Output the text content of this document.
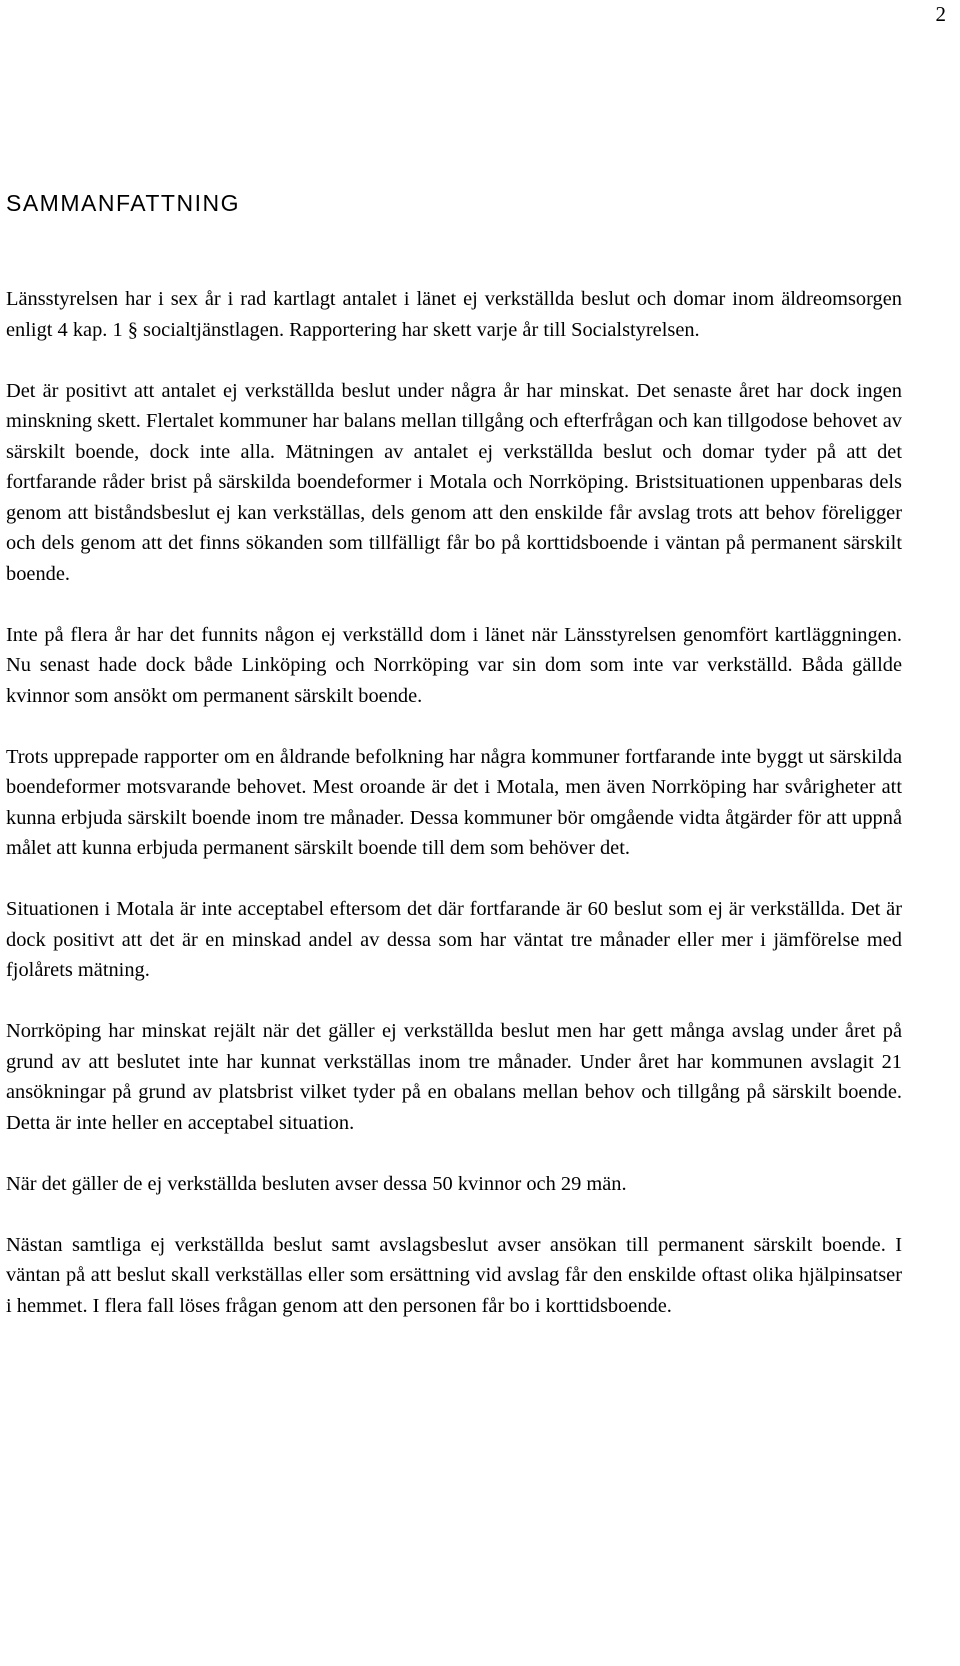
2
SAMMANFATTNING

Länsstyrelsen har i sex år i rad kartlagt antalet i länet ej verkställda beslut och domar inom äldreomsorgen enligt 4 kap. 1 § socialtjänstlagen. Rapportering har skett varje år till Socialstyrelsen.

Det är positivt att antalet ej verkställda beslut under några år har minskat. Det senaste året har dock ingen minskning skett. Flertalet kommuner har balans mellan tillgång och efterfrågan och kan tillgodose behovet av särskilt boende, dock inte alla. Mätningen av antalet ej verkställda beslut och domar tyder på att det fortfarande råder brist på särskilda boendeformer i Motala och Norrköping. Bristsituationen uppenbaras dels genom att biståndsbeslut ej kan verkställas, dels genom att den enskilde får avslag trots att behov föreligger och dels genom att det finns sökanden som tillfälligt får bo på korttidsboende i väntan på permanent särskilt boende.

Inte på flera år har det funnits någon ej verkställd dom i länet när Länsstyrelsen genomfört kartläggningen. Nu senast hade dock både Linköping och Norrköping var sin dom som inte var verkställd. Båda gällde kvinnor som ansökt om permanent särskilt boende.

Trots upprepade rapporter om en åldrande befolkning har några kommuner fortfarande inte byggt ut särskilda boendeformer motsvarande behovet. Mest oroande är det i Motala, men även Norrköping har svårigheter att kunna erbjuda särskilt boende inom tre månader. Dessa kommuner bör omgående vidta åtgärder för att uppnå målet att kunna erbjuda permanent särskilt boende till dem som behöver det.

Situationen i Motala är inte acceptabel eftersom det där fortfarande är 60 beslut som ej är verkställda. Det är dock positivt att det är en minskad andel av dessa som har väntat tre månader eller mer i jämförelse med fjolårets mätning.

Norrköping har minskat rejält när det gäller ej verkställda beslut men har gett många avslag under året på grund av att beslutet inte har kunnat verkställas inom tre månader. Under året har kommunen avslagit 21 ansökningar på grund av platsbrist vilket tyder på en obalans mellan behov och tillgång på särskilt boende. Detta är inte heller en acceptabel situation.

När det gäller de ej verkställda besluten avser dessa 50 kvinnor och 29 män.

Nästan samtliga ej verkställda beslut samt avslagsbeslut avser ansökan till permanent särskilt boende. I väntan på att beslut skall verkställas eller som ersättning vid avslag får den enskilde oftast olika hjälpinsatser i hemmet. I flera fall löses frågan genom att den personen får bo i korttidsboende.
